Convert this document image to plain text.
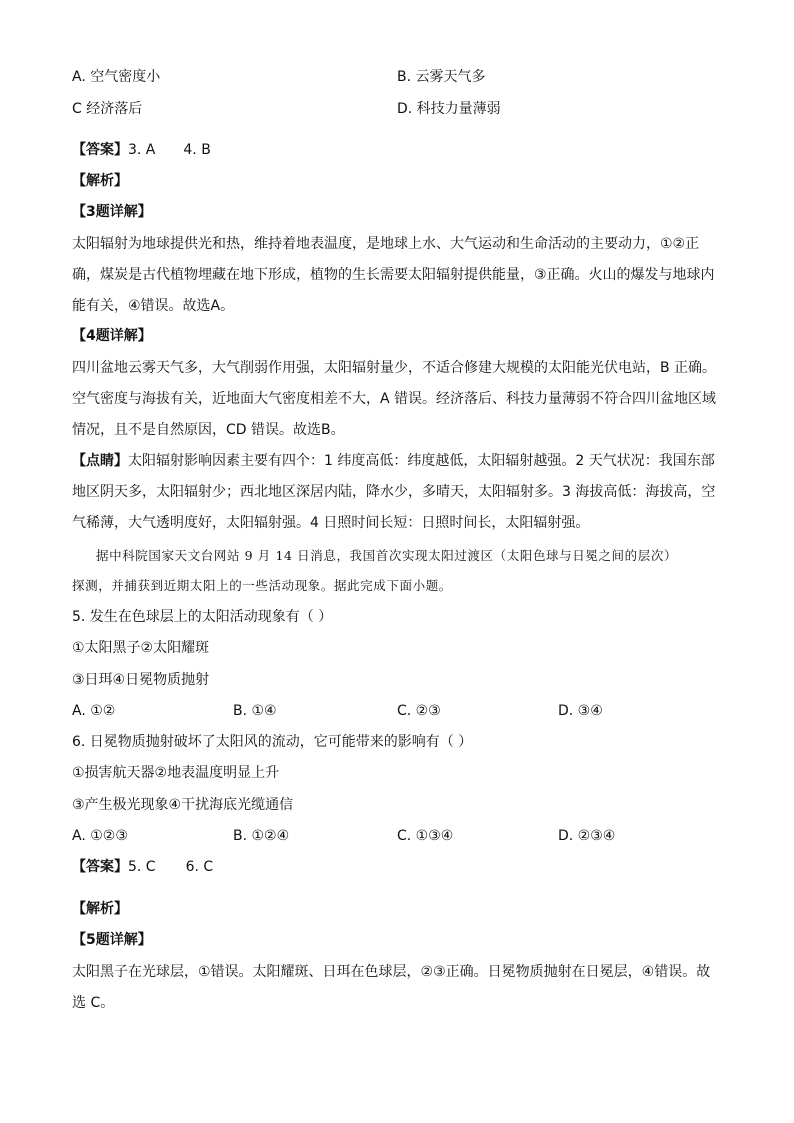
A. 空气密度小	B. 云雾天气多
C 经济落后	D. 科技力量薄弱
【答案】3. A 4. B
【解析】
【3题详解】
太阳辐射为地球提供光和热，维持着地表温度，是地球上水、大气运动和生命活动的主要动力，①②正确，煤炭是古代植物埋藏在地下形成，植物的生长需要太阳辐射提供能量，③正确。火山的爆发与地球内能有关，④错误。故选A。
【4题详解】
四川盆地云雾天气多，大气削弱作用强，太阳辐射量少，不适合修建大规模的太阳能光伏电站，B 正确。空气密度与海拔有关，近地面大气密度相差不大，A 错误。经济落后、科技力量薄弱不符合四川盆地区域情况，且不是自然原因，CD 错误。故选B。
【点睛】太阳辐射影响因素主要有四个：1 纬度高低：纬度越低，太阳辐射越强。2 天气状况：我国东部地区阴天多，太阳辐射少；西北地区深居内陆，降水少，多晴天，太阳辐射多。3 海拔高低：海拔高，空气稀薄，大气透明度好，太阳辐射强。4 日照时间长短：日照时间长，太阳辐射强。
据中科院国家天文台网站 9 月 14 日消息，我国首次实现太阳过渡区（太阳色球与日冕之间的层次）
探测，并捕获到近期太阳上的一些活动现象。据此完成下面小题。
5. 发生在色球层上的太阳活动现象有（ ）
①太阳黑子②太阳耀斑
③日珥④日冕物质抛射
A. ①②	B. ①④	C. ②③	D. ③④
6. 日冕物质抛射破坏了太阳风的流动，它可能带来的影响有（ ）
①损害航天器②地表温度明显上升
③产生极光现象④干扰海底光缆通信
A. ①②③	B. ①②④	C. ①③④	D. ②③④
【答案】5. C 6. C
【解析】
【5题详解】
太阳黑子在光球层，①错误。太阳耀斑、日珥在色球层，②③正确。日冕物质抛射在日冕层，④错误。故选 C。
